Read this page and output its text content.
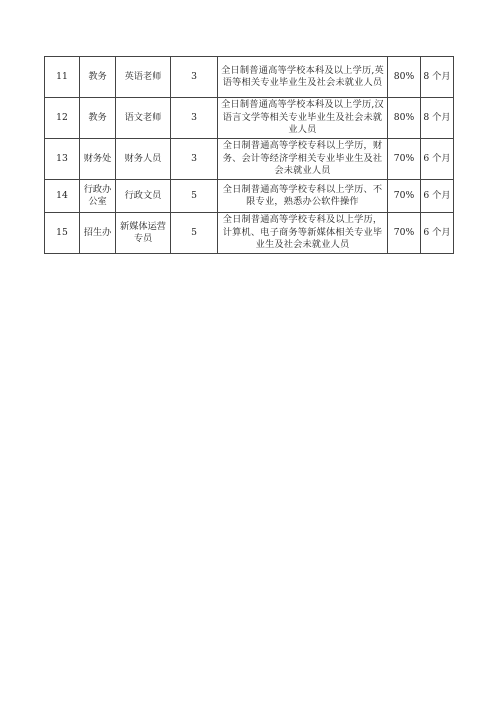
11	教务	英语老师	3	全日制普通高等学校本科及以上学历,英语等相关专业毕业生及社会未就业人员	80%	8 个月
12	教务	语文老师	3	全日制普通高等学校本科及以上学历,汉语言文学等相关专业毕业生及社会未就业人员	80%	8 个月
13	财务处	财务人员	3	全日制普通高等学校专科以上学历，财务、会计等经济学相关专业毕业生及社会未就业人员	70%	6 个月
14	行政办公室	行政文员	5	全日制普通高等学校专科以上学历、不限专业，熟悉办公软件操作	70%	6 个月
15	招生办	新媒体运营专员	5	全日制普通高等学校专科及以上学历，计算机、电子商务等新媒体相关专业毕业生及社会未就业人员	70%	6 个月
